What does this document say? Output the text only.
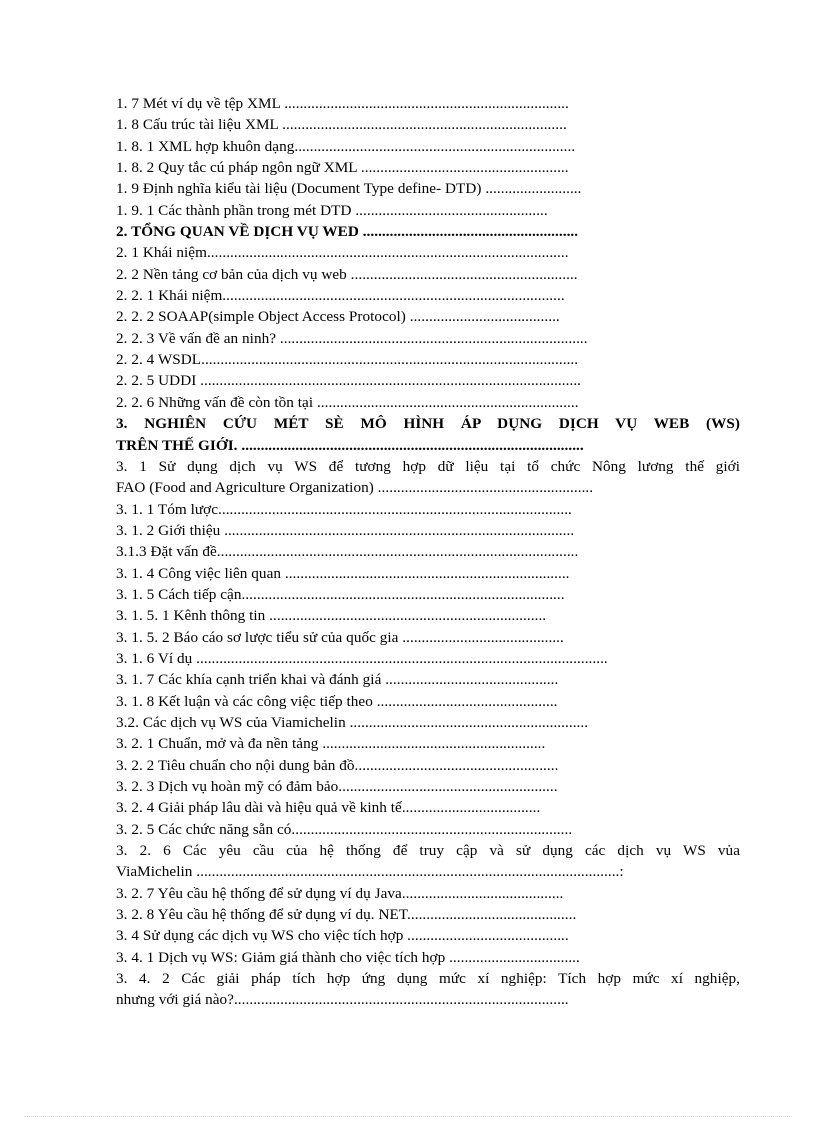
1. 7 Mét ví dụ về tệp XML ..........................................................................
1. 8 Cấu trúc tài liệu XML ..........................................................................
1. 8. 1 XML hợp khuôn dạng.........................................................................
1. 8. 2 Quy tắc cú pháp ngôn ngữ XML ......................................................
1. 9 Định nghĩa kiểu tài liệu (Document Type define- DTD) .........................
1. 9. 1 Các thành phần trong mét DTD ..................................................
2. TỔNG QUAN VỀ DỊCH VỤ WED ........................................................
2. 1 Khái niệm..............................................................................................
2. 2 Nền tảng cơ bản của dịch vụ web ...........................................................
2. 2. 1 Khái niệm.........................................................................................
2. 2. 2 SOAAP(simple Object Access Protocol) .......................................
2. 2. 3 Về vấn đề an ninh? ................................................................................
2. 2. 4 WSDL..................................................................................................
2. 2. 5 UDDI ...................................................................................................
2. 2. 6 Những vấn đề còn tồn tại ....................................................................
3. NGHIÊN CỨU MÉT SÈ MÔ HÌNH ÁP DỤNG DỊCH VỤ WEB (WS)
TRÊN THẾ GIỚI. .........................................................................................
3. 1 Sử dụng dịch vụ WS để tương hợp dữ liệu tại tổ chức Nông lương thế giới
FAO (Food and Agriculture Organization) ........................................................
3. 1. 1 Tóm lược............................................................................................
3. 1. 2 Giới thiệu ...........................................................................................
3.1.3 Đặt vấn đề..............................................................................................
3. 1. 4 Công việc liên quan ..........................................................................
3. 1. 5 Cách tiếp cận....................................................................................
3. 1. 5. 1 Kênh thông tin ........................................................................
3. 1. 5. 2 Báo cáo sơ lược tiểu sử của quốc gia ..........................................
3. 1. 6 Ví dụ ...........................................................................................................
3. 1. 7 Các khía cạnh triển khai và đánh giá .............................................
3. 1. 8 Kết luận và các công việc tiếp theo ...............................................
3.2. Các dịch vụ WS của Viamichelin ..............................................................
3. 2. 1 Chuẩn, mở và đa nền tảng ..........................................................
3. 2. 2 Tiêu chuẩn cho nội dung bản đồ.....................................................
3. 2. 3 Dịch vụ hoàn mỹ có đảm bảo.........................................................
3. 2. 4 Giải pháp lâu dài và hiệu quả về kinh tế....................................
3. 2. 5 Các chức năng sẵn có.........................................................................
3. 2. 6 Các yêu cầu của hệ thống để truy cập và sử dụng các dịch vụ WS vủa
ViaMichelin ..............................................................................................................:
3. 2. 7 Yêu cầu hệ thống để sử dụng ví dụ Java..........................................
3. 2. 8 Yêu cầu hệ thống để sử dụng ví dụ. NET............................................
3. 4 Sử dụng các dịch vụ WS cho việc tích hợp ..........................................
3. 4. 1 Dịch vụ WS: Giảm giá thành cho việc tích hợp ..................................
3. 4. 2 Các giải pháp tích hợp ứng dụng mức xí nghiệp: Tích hợp mức xí nghiệp,
nhưng với giá nào?.......................................................................................
